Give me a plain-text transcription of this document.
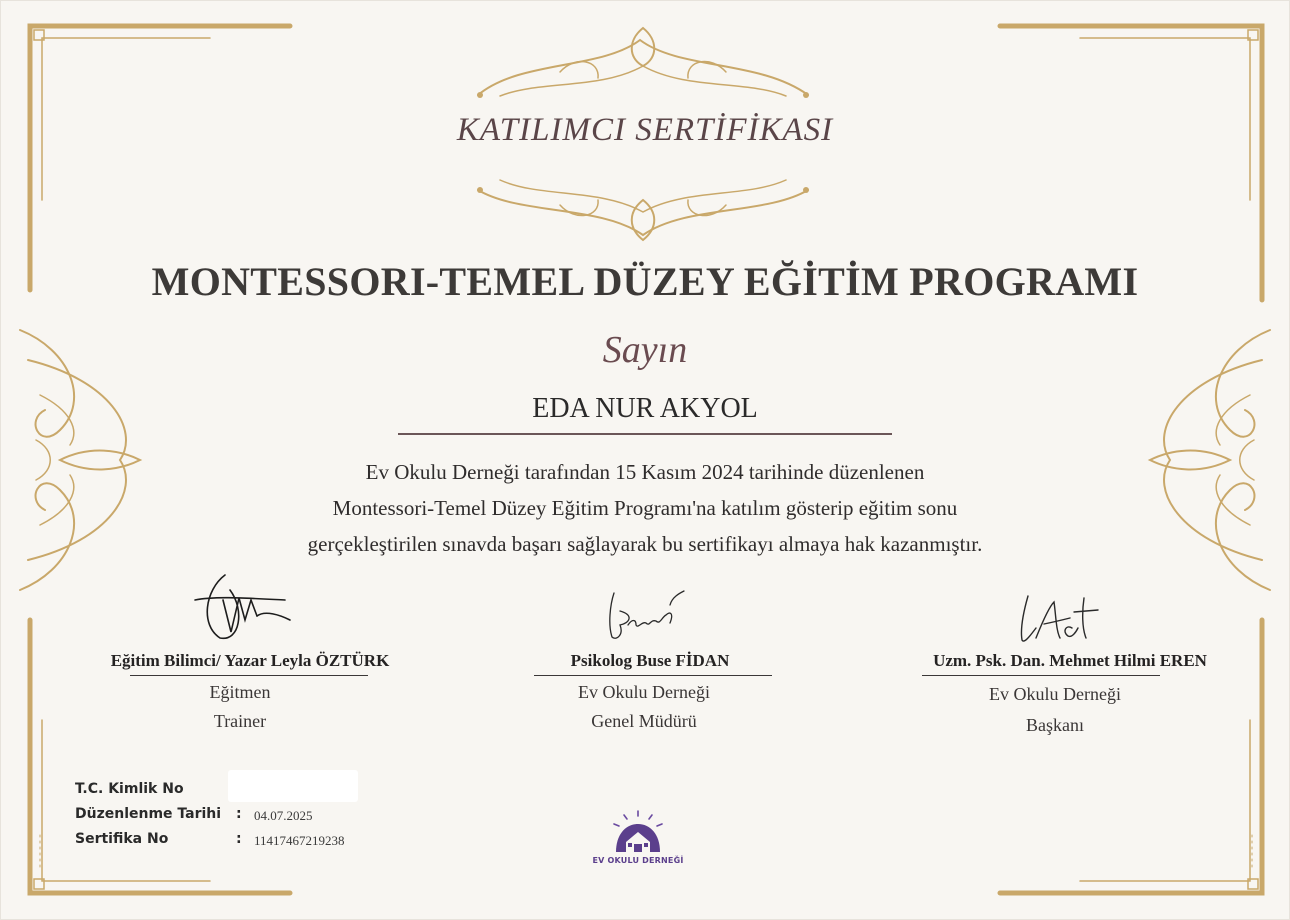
KATILIMCI SERTİFİKASI
MONTESSORI-TEMEL DÜZEY EĞİTİM PROGRAMI
Sayın
EDA NUR AKYOL
Ev Okulu Derneği tarafından 15 Kasım 2024 tarihinde düzenlenen
Montessori-Temel Düzey Eğitim Programı'na katılım gösterip eğitim sonu
gerçekleştirilen sınavda başarı sağlayarak bu sertifikayı almaya hak kazanmıştır.
Eğitim Bilimci/ Yazar Leyla ÖZTÜRK
Eğitmen
Trainer
Psikolog Buse FİDAN
Ev Okulu Derneği
Genel Müdürü
Uzm. Psk. Dan. Mehmet Hilmi EREN
Ev Okulu Derneği
Başkanı
T.C. Kimlik No
Düzenlenme Tarihi : 04.07.2025
Sertifika No	: 11417467219238
EV OKULU DERNEĞİ
